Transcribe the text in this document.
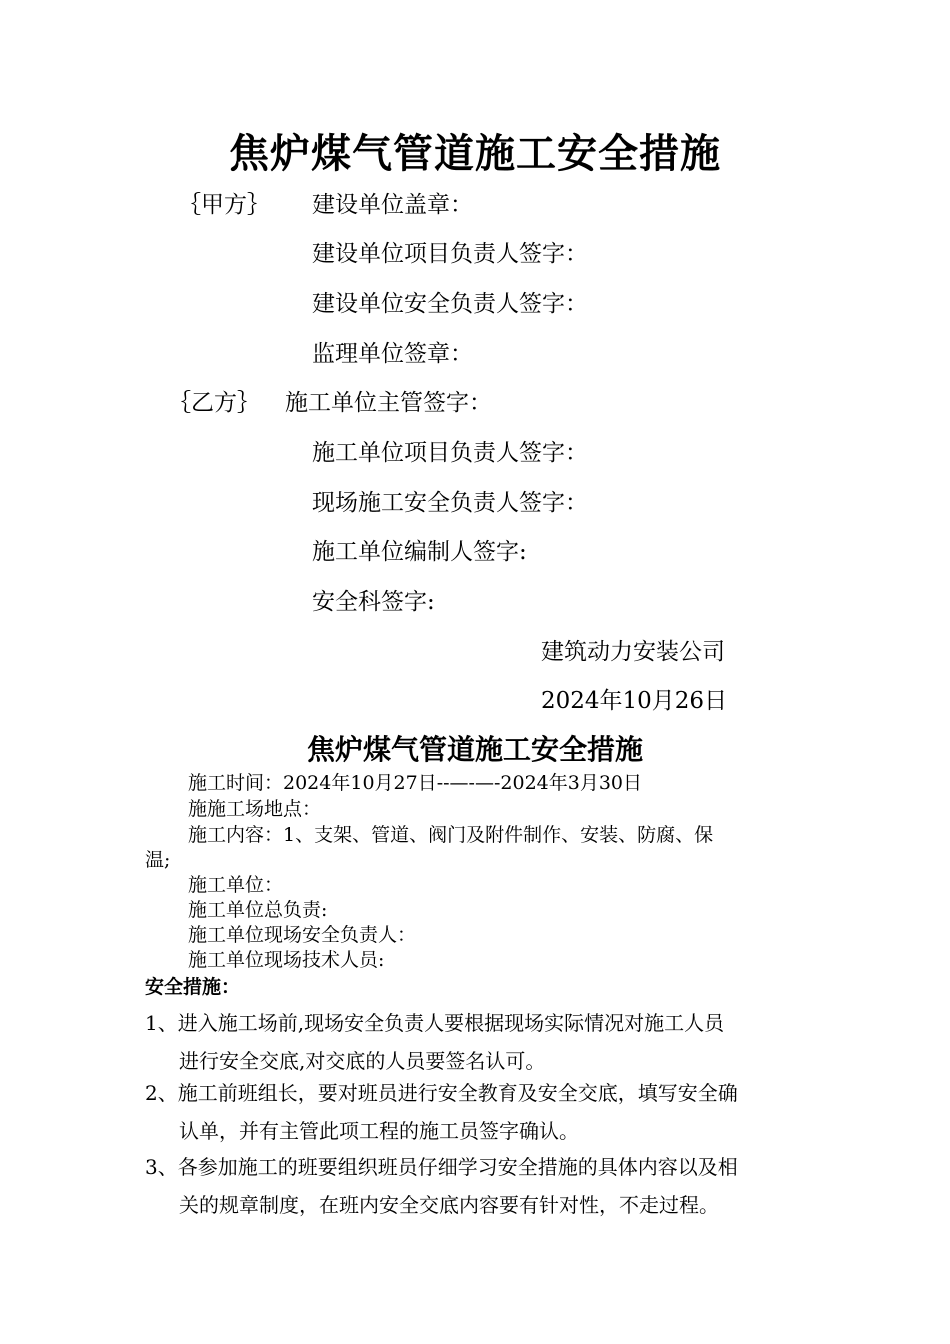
焦炉煤气管道施工安全措施
｛甲方｝ 建设单位盖章：
建设单位项目负责人签字：
建设单位安全负责人签字：
监理单位签章：
｛乙方｝ 施工单位主管签字：
施工单位项目负责人签字：
现场施工安全负责人签字：
施工单位编制人签字:
安全科签字:
建筑动力安装公司
2024年10月26日
焦炉煤气管道施工安全措施
施工时间：2024年10月27日--—-—-2024年3月30日
施施工场地点：
施工内容：1、支架、管道、阀门及附件制作、安装、防腐、保
温;
施工单位：
施工单位总负责:
施工单位现场安全负责人：
施工单位现场技术人员:
安全措施：
1、进入施工场前,现场安全负责人要根据现场实际情况对施工人员
进行安全交底,对交底的人员要签名认可。
2、施工前班组长，要对班员进行安全教育及安全交底，填写安全确
认单，并有主管此项工程的施工员签字确认。
3、各参加施工的班要组织班员仔细学习安全措施的具体内容以及相
关的规章制度，在班内安全交底内容要有针对性，不走过程。
